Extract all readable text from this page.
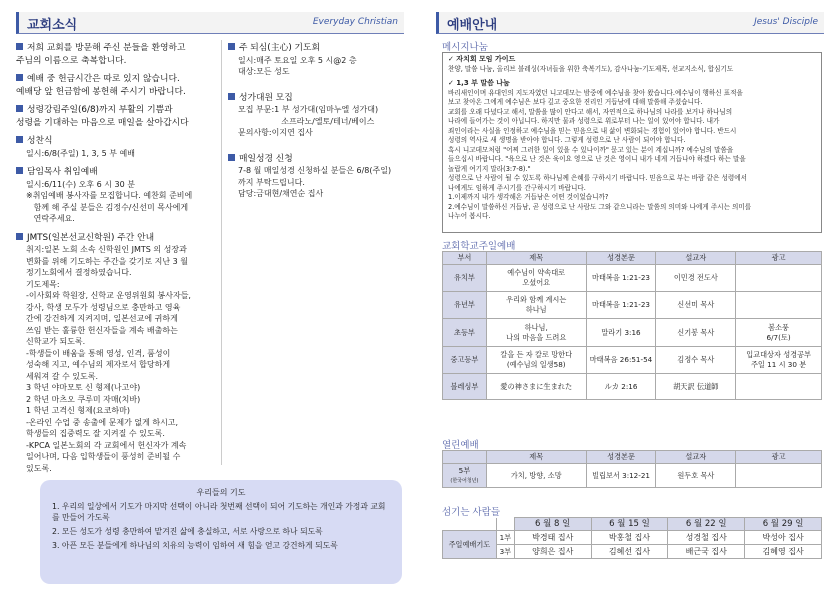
교회소식	Everyday Christian
저희 교회를 방문해 주신 분들을 환영하고
주님의 이름으로 축복합니다.
예배 중 헌금시간은 따로 있지 않습니다.
예배당 앞 헌금함에 봉헌해 주시기 바랍니다.
성령강림주일(6/8)까지 부활의 기쁨과
성령을 기대하는 마음으로 매일을 살아갑시다
성찬식
일시:6/8(주일) 1, 3, 5 부 예배
담임목사 취임예배
일시:6/11(수) 오후 6 시 30 분
※취임예배 봉사자를 모집합니다. 예찬회 준비에
함께 해 주실 분들은 김정수/신선미 목사에게
연락주세요.
JMTS(일본선교신학원) 주간 안내
취지:일본 노회 소속 신학원인 JMTS 의 성장과
변화를 위해 기도하는 주간을 갖기로 지난 3 월
정기노회에서 결정하였습니다.
기도제목:
-이사회와 학원장, 신학교 운영위원회 봉사자들,
강사, 학생 모두가 성령님으로 충만하고 영육
간에 강건하게 지켜지며, 일본선교에 귀하게
쓰임 받는 훌륭한 헌신자들을 계속 배출하는
신학교가 되도록.
-학생들이 배움을 통해 영성, 인격, 품성이
성숙해 지고, 예수님의 제자로서 합당하게
세워져 갈 수 있도록.
3 학년 야마모토 신 형제(나고야)
2 학년 마츠오 쿠루미 자매(치바)
1 학년 고격신 형제(요코하마)
-온라인 수업 중 송출에 문제가 없게 하시고,
학생들의 집중력도 잘 지켜질 수 있도록.
-KPCA 일본노회의 각 교회에서 헌신자가 계속
일어나며, 다음 입학생들이 풍성히 준비될 수
있도록.
주 되심(主心) 기도회
일시:매주 토요일 오후 5 시@2 층
대상:모든 성도
성가대원 모집
모집 부문:1 부 성가대(임마누엘 성가대)
소프라노/엘토/테너/베이스
문의사항:이지연 집사
매일성경 신청
7-8 월 매일성경 신청하실 분들은 6/8(주일)
까지 부탁드립니다.
담당:금대현/채연순 집사
우리들의 기도
1. 우리의 일상에서 기도가 마지막 선택이 아니라 첫번째 선택이 되어 기도하는 개인과 가정과 교회를 만들어 가도록
2. 모든 성도가 성령 충만하여 맡겨진 삶에 충실하고, 서로 사랑으로 하나 되도록
3. 아픈 모든 분들에게 하나님의 치유의 능력이 임하여 새 힘을 얻고 강건하게 되도록
예배안내	Jesus' Disciple
메시지나눔
✓ 자치회 모임 가이드
찬양, 말씀 나눔, 올리브 블레싱(자녀들을 위한 축복기도), 감사나눔-기도제목, 선교지소식, 합심기도
✓ 1,3 부 말씀 나눔
바리새인이며 유대인의 지도자였던 니고데모는 밤중에 예수님을 찾아 왔습니다.예수님이 행하신 표적을
보고 찾아온 그에게 예수님은 보다 깊고 중요한 진리인 거듭남에 대해 말씀해 주셨습니다.
교회를 오래 다녔다고 해서, 말씀을 많이 안다고 해서, 자연적으로 하나님의 나라를 보거나 하나님의
나라에 들어가는 것이 아닙니다. 하지만 물과 성령으로 위로부터 나는 일이 있어야 합니다. 내가
죄인이라는 사실을 인정하고 예수님을 믿는 믿음으로 내 삶이 변화되는 경험이 있어야 합니다. 반드시
성령의 역사로 새 생명을 받아야 합니다. 그렇게 성령으로 난 사람이 되어야 합니다.
혹시 니고데모처럼 "어찌 그러한 일이 있을 수 있나이까" 묻고 있는 분이 계십니까? 예수님의 말씀을
들으십시 바랍니다. "육으로 난 것은 육이요 영으로 난 것은 영이니 내가 네게 거듭나야 하겠다 하는 말을
놀랍게 여기지 말라(3:7-8)."
성령으로 난 사람이 될 수 있도록 하나님께 은혜를 구하시기 바랍니다. 믿음으로 부는 바람 같은 성령에서
나에게도 임하게 주시기를 간구하시기 바랍니다.
1.이제까지 내가 생각해온 거듭남은 어떤 것이었습니까?
2.예수님이 말씀하신 거듭남, 곧 성령으로 난 사람도 그와 같으니라는 말씀의 의미와 나에게 주시는 의미를
나누어 봅시다.
교회학교주일예배
부서	제목	성경본문	설교자	광고
유치부	예수님이 약속대로
오셨어요	마태복음 1:21-23	이민경 전도사	
유년부	우리와 함께 계시는
하나님	마태복음 1:21-23	신선미 목사	
초등부	하나님,
나의 마음을 드려요	말라기 3:16	신기봉 목사	봄소풍
6/7(토)
중고등부	칼을 든 자 칼로 망한다
(예수님의 일생58)	마태복음 26:51-54	김정수 목사	입교대상자 성경공부
주일 11 시 30 분
블레싱부	愛の神さまに生まれた	ルカ 2:16	胡天訳 伝道師	
열린예배
	제목	성경본문	설교자	광고

5부
(한국어청년)	가치, 방향, 소망	빌립보서 3:12-21	원두호 목사	
섬기는 사람들
		6 월 8 일	6 월 15 일	6 월 22 일	6 월 29 일
주일예배기도	1부	박경태 집사	박홍철 집사	성경철 집사	박성아 집사
	3부	양희은 집사	김혜선 집사	배근국 집사	김혜영 집사
